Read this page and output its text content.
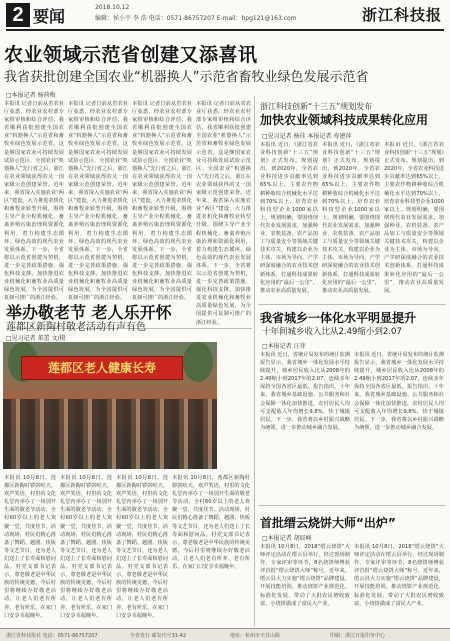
2 要闻	2018.10.12
编辑：侯小平 李 浩 电话：0571-86757207 E-mail：hpg121@163.com	浙江科技报
农业领域示范省创建又添喜讯
我省获批创建全国农业“机器换人”示范省畜牧业绿色发展示范省
□本报记者 杨荷梅
本报讯 记者日前从省农业厅获悉，经农业农村部专家组审核和综合评估，我省顺利获批创建全国农业“机器换人”示范省和畜牧业绿色发展示范省。这是继国家农业可持续发展试验示范区、全国农业“机器换人”先行省之后，浙江在农业领域获得的又一国家级示范创建荣誉。近年来，我省深入实施农业“两区”建设，大力推进农机化和畜牧业转型升级，围绕主导产业全程机械化、畜禽养殖污染治理和资源化利用，着力构建生态循环、绿色高效的现代农业发展体系。下一步，全省将以示范省创建为契机，进一步完善政策措施、强化科技支撑，加快推进农业机械化和畜牧业高质量绿色发展，为全国提供可复制可推广的浙江经验。
本报讯 记者日前从省农业厅获悉，经农业农村部专家组审核和综合评估，我省顺利获批创建全国农业“机器换人”示范省和畜牧业绿色发展示范省。这是继国家农业可持续发展试验示范区、全国农业“机器换人”先行省之后，浙江在农业领域获得的又一国家级示范创建荣誉。近年来，我省深入实施农业“两区”建设，大力推进农机化和畜牧业转型升级，围绕主导产业全程机械化、畜禽养殖污染治理和资源化利用，着力构建生态循环、绿色高效的现代农业发展体系。下一步，全省将以示范省创建为契机，进一步完善政策措施、强化科技支撑，加快推进农业机械化和畜牧业高质量绿色发展，为全国提供可复制可推广的浙江经验。
本报讯 记者日前从省农业厅获悉，经农业农村部专家组审核和综合评估，我省顺利获批创建全国农业“机器换人”示范省和畜牧业绿色发展示范省。这是继国家农业可持续发展试验示范区、全国农业“机器换人”先行省之后，浙江在农业领域获得的又一国家级示范创建荣誉。近年来，我省深入实施农业“两区”建设，大力推进农机化和畜牧业转型升级，围绕主导产业全程机械化、畜禽养殖污染治理和资源化利用，着力构建生态循环、绿色高效的现代农业发展体系。下一步，全省将以示范省创建为契机，进一步完善政策措施、强化科技支撑，加快推进农业机械化和畜牧业高质量绿色发展，为全国提供可复制可推广的浙江经验。
本报讯 记者日前从省农业厅获悉，经农业农村部专家组审核和综合评估，我省顺利获批创建全国农业“机器换人”示范省和畜牧业绿色发展示范省。这是继国家农业可持续发展试验示范区、全国农业“机器换人”先行省之后，浙江在农业领域获得的又一国家级示范创建荣誉。近年来，我省深入实施农业“两区”建设，大力推进农机化和畜牧业转型升级，围绕主导产业全程机械化、畜禽养殖污染治理和资源化利用，着力构建生态循环、绿色高效的现代农业发展体系。下一步，全省将以示范省创建为契机，进一步完善政策措施、强化科技支撑，加快推进农业机械化和畜牧业高质量绿色发展，为全国提供可复制可推广的浙江经验。
浙江科技创新“十三五”规划发布
加快农业领域科技成果转化应用
□见习记者 杨佳 本报记者 寿建萍
本报讯 近日，《浙江省农业科技创新“十三五”规划》正式发布。规划提出，到2020年，全省农业科技进步贡献率达到65%以上，主要农作物耕种收综合机械化水平达到70%以上，培育农业科技型企业1000家以上。规划明确，要围绕现代农业发展需求，加强种业、农机装备、农产品加工与质量安全等领域关键技术攻关，构建以企业为主体、市场为导向、产学研深度融合的农业技术创新体系，打通科技成果转化应用的“最后一公里”，推动农业高质量发展。
本报讯 近日，《浙江省农业科技创新“十三五”规划》正式发布。规划提出，到2020年，全省农业科技进步贡献率达到65%以上，主要农作物耕种收综合机械化水平达到70%以上，培育农业科技型企业1000家以上。规划明确，要围绕现代农业发展需求，加强种业、农机装备、农产品加工与质量安全等领域关键技术攻关，构建以企业为主体、市场为导向、产学研深度融合的农业技术创新体系，打通科技成果转化应用的“最后一公里”，推动农业高质量发展。
本报讯 近日，《浙江省农业科技创新“十三五”规划》正式发布。规划提出，到2020年，全省农业科技进步贡献率达到65%以上，主要农作物耕种收综合机械化水平达到70%以上，培育农业科技型企业1000家以上。规划明确，要围绕现代农业发展需求，加强种业、农机装备、农产品加工与质量安全等领域关键技术攻关，构建以企业为主体、市场为导向、产学研深度融合的农业技术创新体系，打通科技成果转化应用的“最后一公里”，推动农业高质量发展。
举办敬老节 老人乐开怀
莲都区新陶村敬老活动有声有色
□见习记者 董蕾 文/摄
莲都区老人健康长寿
本报讯 10月8日，莲都区新陶村锣鼓喧天、欢声笑语，村里的文化礼堂内举办了一场别开生面的敬老节活动，全村60岁以上的老人欢聚一堂，共度佳节。活动现场，村民们精心准备了舞蹈、越剧、快板等文艺节目，还为老人们送上了长寿面和慰问品。村党支部书记表示，尊老敬老是中华民族的传统美德，今后村里将继续办好敬老活动，让老人们老有所养、老有所乐，在家门口安享幸福晚年。
本报讯 10月8日，莲都区新陶村锣鼓喧天、欢声笑语，村里的文化礼堂内举办了一场别开生面的敬老节活动，全村60岁以上的老人欢聚一堂，共度佳节。活动现场，村民们精心准备了舞蹈、越剧、快板等文艺节目，还为老人们送上了长寿面和慰问品。村党支部书记表示，尊老敬老是中华民族的传统美德，今后村里将继续办好敬老活动，让老人们老有所养、老有所乐，在家门口安享幸福晚年。
本报讯 10月8日，莲都区新陶村锣鼓喧天、欢声笑语，村里的文化礼堂内举办了一场别开生面的敬老节活动，全村60岁以上的老人欢聚一堂，共度佳节。活动现场，村民们精心准备了舞蹈、越剧、快板等文艺节目，还为老人们送上了长寿面和慰问品。村党支部书记表示，尊老敬老是中华民族的传统美德，今后村里将继续办好敬老活动，让老人们老有所养、老有所乐，在家门口安享幸福晚年。
本报讯 10月8日，莲都区新陶村锣鼓喧天、欢声笑语，村里的文化礼堂内举办了一场别开生面的敬老节活动，全村60岁以上的老人欢聚一堂，共度佳节。活动现场，村民们精心准备了舞蹈、越剧、快板等文艺节目，还为老人们送上了长寿面和慰问品。村党支部书记表示，尊老敬老是中华民族的传统美德，今后村里将继续办好敬老活动，让老人们老有所养、老有所乐，在家门口安享幸福晚年。
我省城乡一体化水平明显提升
十年间城乡收入比从2.49缩小到2.07
□本报记者 汪菲
本报讯 近日，省统计局发布的统计监测报告显示，我省城乡一体化发展水平持续提升，城乡居民收入比从2008年的2.49缩小到2017年的2.07，连续多年保持全国各省区最低。报告指出，十年来，我省城乡基础设施、公共服务和社会保障一体化加快推进，农村居民人均可支配收入年均增长9.8%，快于城镇居民。下一步，我省将以乡村振兴战略为统领，进一步推动城乡融合发展。
本报讯 近日，省统计局发布的统计监测报告显示，我省城乡一体化发展水平持续提升，城乡居民收入比从2008年的2.49缩小到2017年的2.07，连续多年保持全国各省区最低。报告指出，十年来，我省城乡基础设施、公共服务和社会保障一体化加快推进，农村居民人均可支配收入年均增长9.8%，快于城镇居民。下一步，我省将以乡村振兴战略为统领，进一步推动城乡融合发展。
首批缙云烧饼大师“出炉”
□本报记者 胡辰峰
本报讯 10月8日，2018“缙云烧饼”大师评定活动在缙云县举行，经过现场制作、专家评审等环节，8名烧饼师傅获评首批“缙云烧饼大师”称号。近年来，缙云县大力实施“缙云烧饼”品牌建设，开展技能培训，推动烧饼产业规范化、标准化发展，带动了大批农民增收致富，小烧饼做成了富民大产业。
本报讯 10月8日，2018“缙云烧饼”大师评定活动在缙云县举行，经过现场制作、专家评审等环节，8名烧饼师傅获评首批“缙云烧饼大师”称号。近年来，缙云县大力实施“缙云烧饼”品牌建设，开展技能培训，推动烧饼产业规范化、标准化发展，带动了大批农民增收致富，小烧饼做成了富民大产业。
浙江省科技报社 电话：0571-86757207	全省发行 邮发代号31-42	地址：杭州市天目山路	印刷：浙江日报印务中心
